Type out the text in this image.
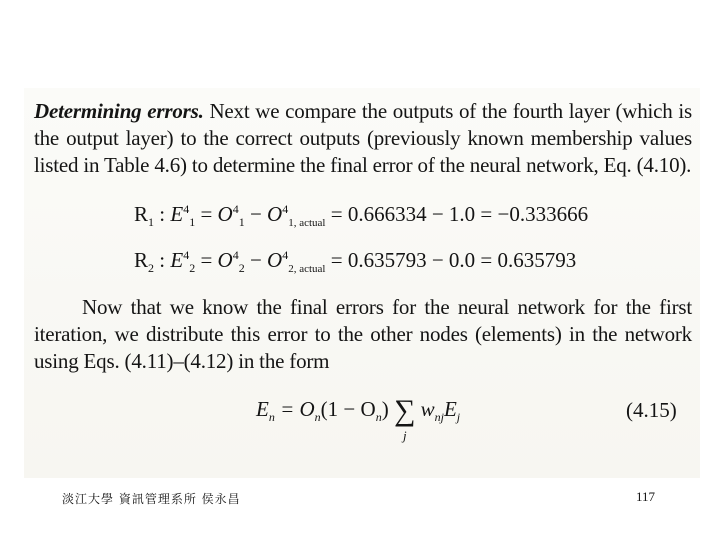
Determining errors. Next we compare the outputs of the fourth layer (which is the output layer) to the correct outputs (previously known membership values listed in Table 4.6) to determine the final error of the neural network, Eq. (4.10).
$R_1$ : $E^4_1 = O^4_1 - O^4_{1, actual} = 0.666334 - 1.0 = -0.333666$
$R_2$ : $E^4_2 = O^4_2 - O^4_{2, actual} = 0.635793 - 0.0 = 0.635793$
Now that we know the final errors for the neural network for the first iteration, we distribute this error to the other nodes (elements) in the network using Eqs. (4.11)–(4.12) in the form
$E_n = O_n(1 - O_n)$ ∑
j
$w_{nj}E_j$	(4.15)
淡江大學 資訊管理系所 侯永昌	117
